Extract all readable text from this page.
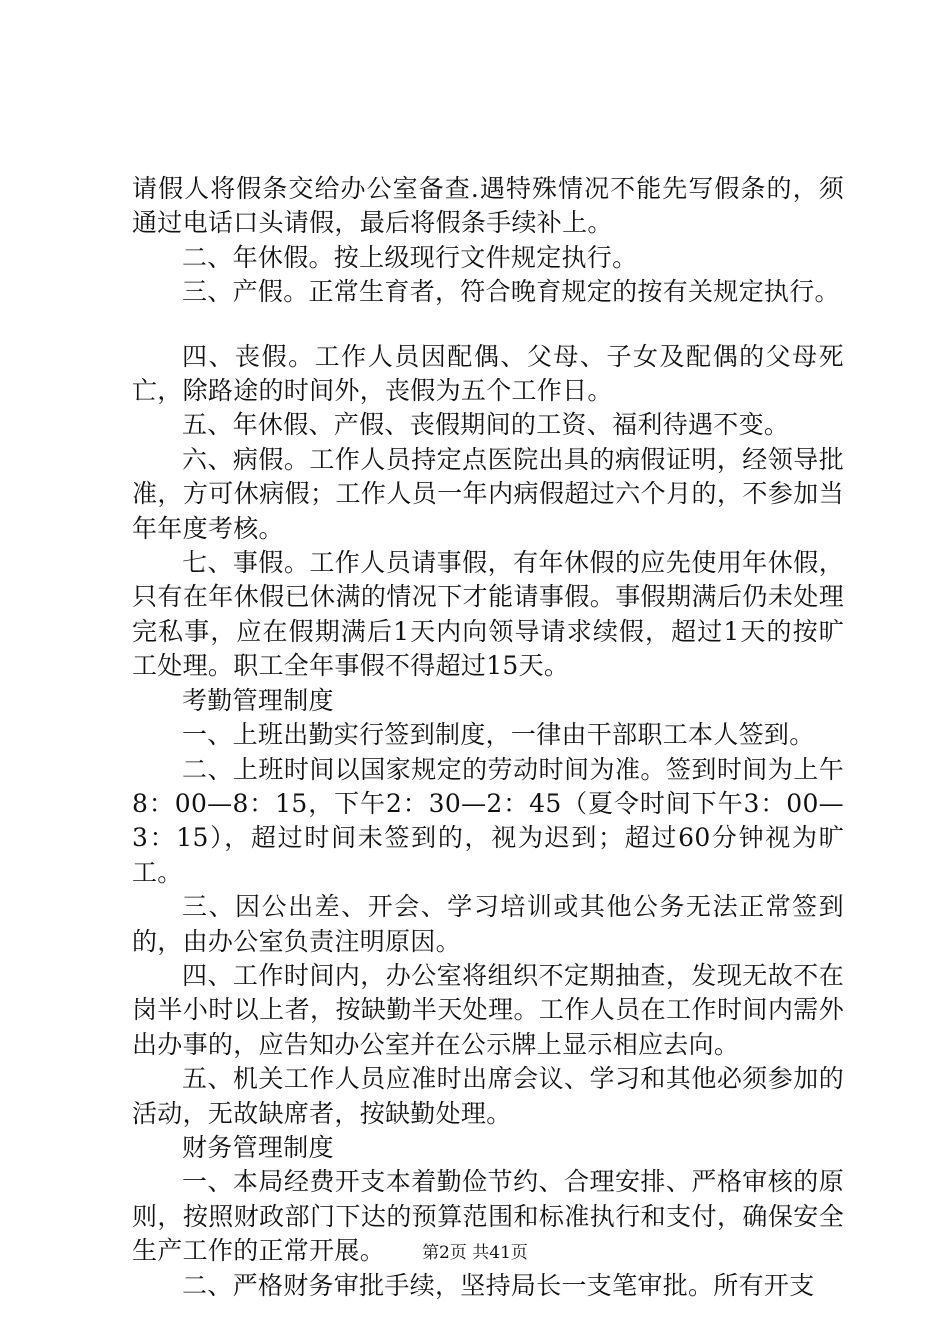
请假人将假条交给办公室备查.遇特殊情况不能先写假条的，须通过电话口头请假，最后将假条手续补上。

二、年休假。按上级现行文件规定执行。

三、产假。正常生育者，符合晚育规定的按有关规定执行。

四、丧假。工作人员因配偶、父母、子女及配偶的父母死亡，除路途的时间外，丧假为五个工作日。

五、年休假、产假、丧假期间的工资、福利待遇不变。

六、病假。工作人员持定点医院出具的病假证明，经领导批准，方可休病假；工作人员一年内病假超过六个月的，不参加当年年度考核。

七、事假。工作人员请事假，有年休假的应先使用年休假，只有在年休假已休满的情况下才能请事假。事假期满后仍未处理完私事，应在假期满后1天内向领导请求续假，超过1天的按旷工处理。职工全年事假不得超过15天。

考勤管理制度

一、上班出勤实行签到制度，一律由干部职工本人签到。

二、上班时间以国家规定的劳动时间为准。签到时间为上午8：00—8：15，下午2：30—2：45（夏令时间下午3：00—3：15），超过时间未签到的，视为迟到；超过60分钟视为旷工。

三、因公出差、开会、学习培训或其他公务无法正常签到的，由办公室负责注明原因。

四、工作时间内，办公室将组织不定期抽查，发现无故不在岗半小时以上者，按缺勤半天处理。工作人员在工作时间内需外出办事的，应告知办公室并在公示牌上显示相应去向。

五、机关工作人员应准时出席会议、学习和其他必须参加的活动，无故缺席者，按缺勤处理。

财务管理制度

一、本局经费开支本着勤俭节约、合理安排、严格审核的原则，按照财政部门下达的预算范围和标准执行和支付，确保安全生产工作的正常开展。

二、严格财务审批手续，坚持局长一支笔审批。所有开支

第2页 共41页
